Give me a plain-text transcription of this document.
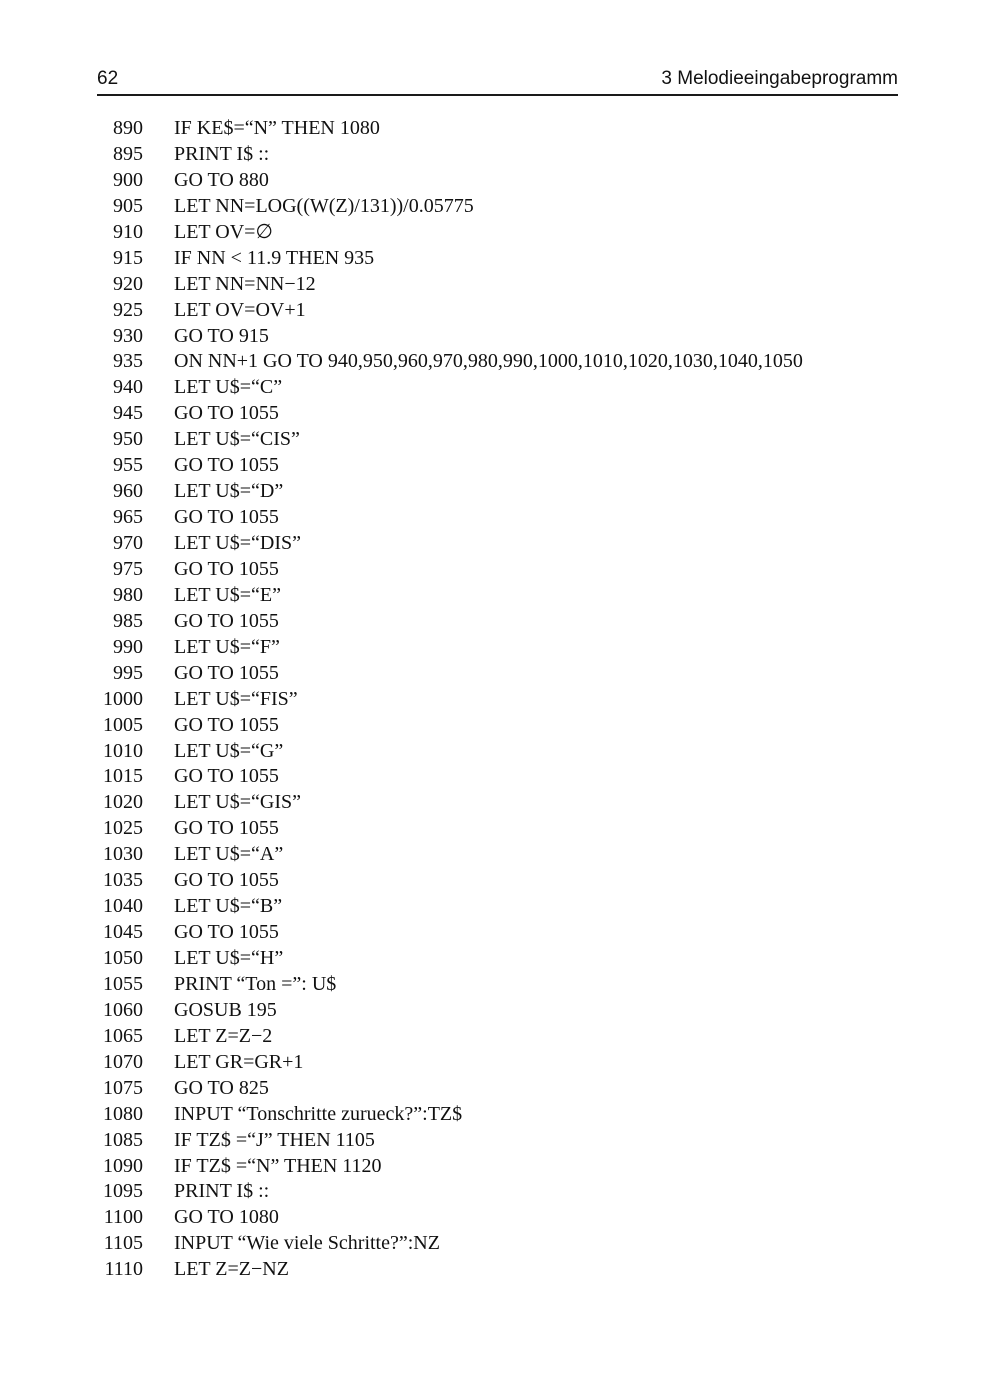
62	3 Melodieeingabeprogramm
890 IF KE$=“N” THEN 1080
895 PRINT I$ ::
900 GO TO 880
905 LET NN=LOG((W(Z)/131))/0.05775
910 LET OV=∅
915 IF NN < 11.9 THEN 935
920 LET NN=NN−12
925 LET OV=OV+1
930 GO TO 915
935 ON NN+1 GO TO 940,950,960,970,980,990,1000,1010,1020,1030,1040,1050
940 LET U$=“C”
945 GO TO 1055
950 LET U$=“CIS”
955 GO TO 1055
960 LET U$=“D”
965 GO TO 1055
970 LET U$=“DIS”
975 GO TO 1055
980 LET U$=“E”
985 GO TO 1055
990 LET U$=“F”
995 GO TO 1055
1000 LET U$=“FIS”
1005 GO TO 1055
1010 LET U$=“G”
1015 GO TO 1055
1020 LET U$=“GIS”
1025 GO TO 1055
1030 LET U$=“A”
1035 GO TO 1055
1040 LET U$=“B”
1045 GO TO 1055
1050 LET U$=“H”
1055 PRINT “Ton =”: U$
1060 GOSUB 195
1065 LET Z=Z−2
1070 LET GR=GR+1
1075 GO TO 825
1080 INPUT “Tonschritte zurueck?”:TZ$
1085 IF TZ$ =“J” THEN 1105
1090 IF TZ$ =“N” THEN 1120
1095 PRINT I$ ::
1100 GO TO 1080
1105 INPUT “Wie viele Schritte?”:NZ
1110 LET Z=Z−NZ
